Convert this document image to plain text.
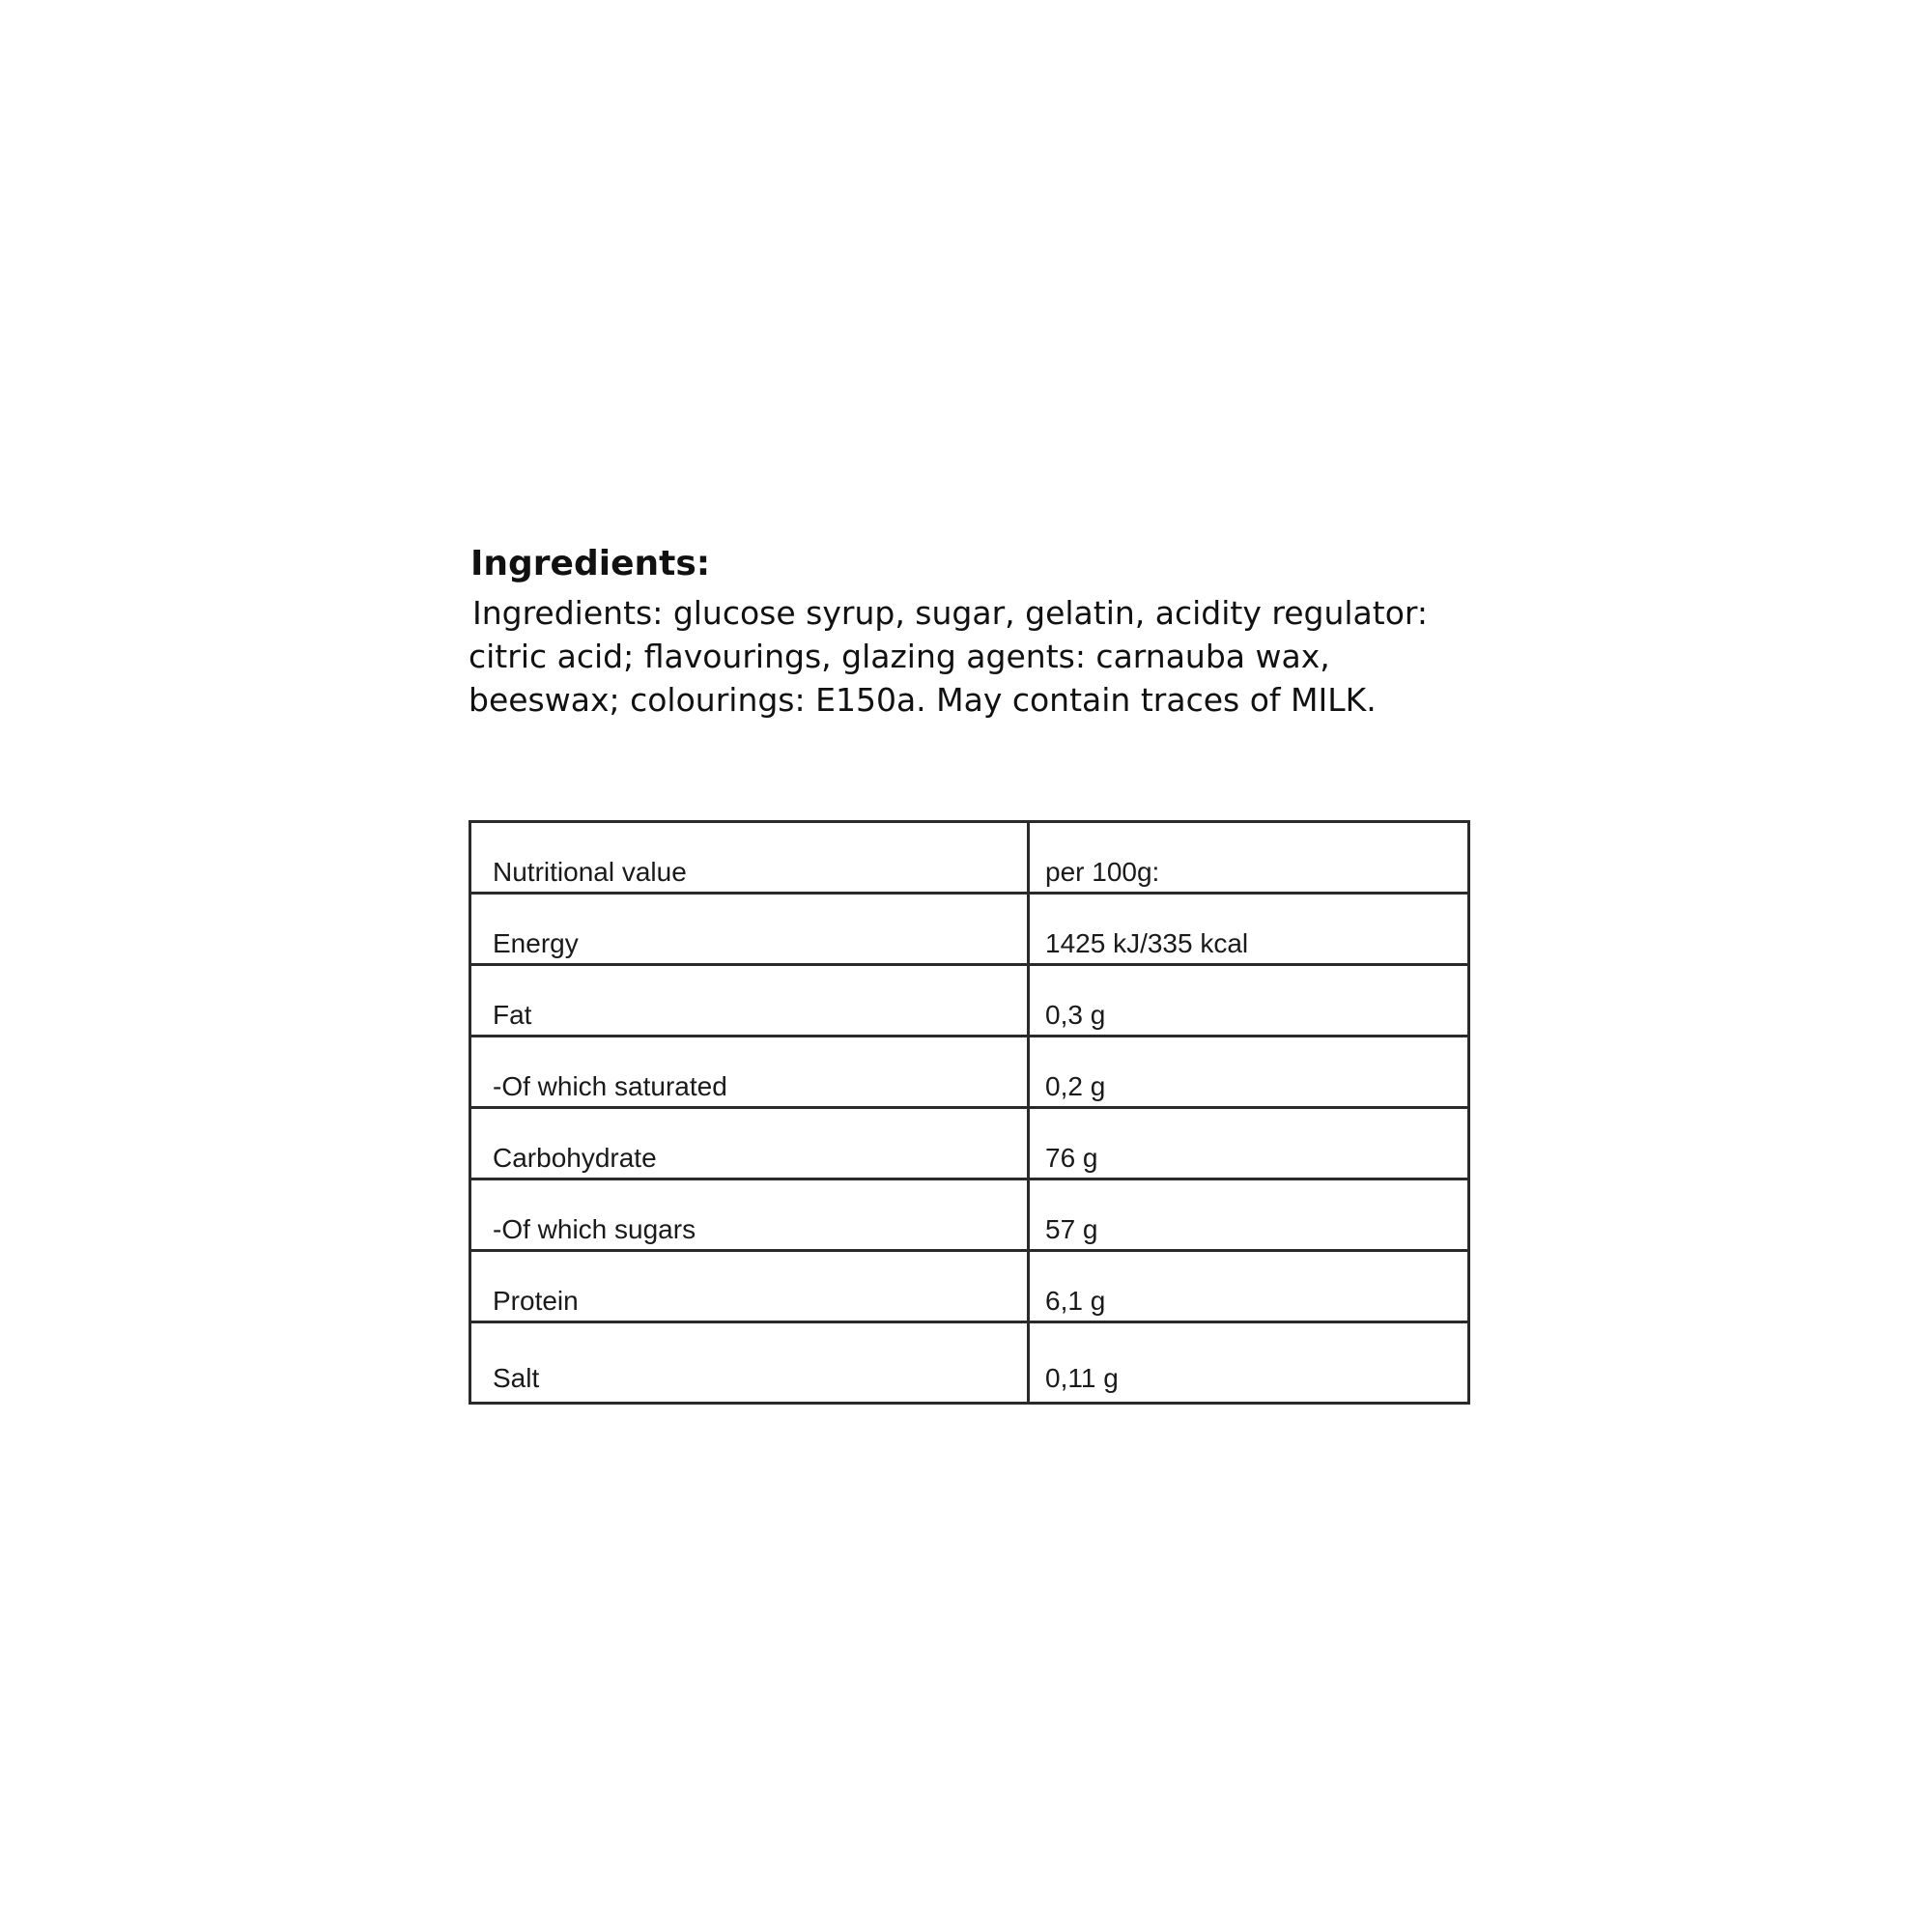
Ingredients:

Ingredients: glucose syrup, sugar, gelatin, acidity regulator: citric acid; flavourings, glazing agents: carnauba wax, beeswax; colourings: E150a. May contain traces of MILK.

Nutritional value	per 100g:
Energy	1425 kJ/335 kcal
Fat	0,3 g
-Of which saturated	0,2 g
Carbohydrate	76 g
-Of which sugars	57 g
Protein	6,1 g
Salt	0,11 g
